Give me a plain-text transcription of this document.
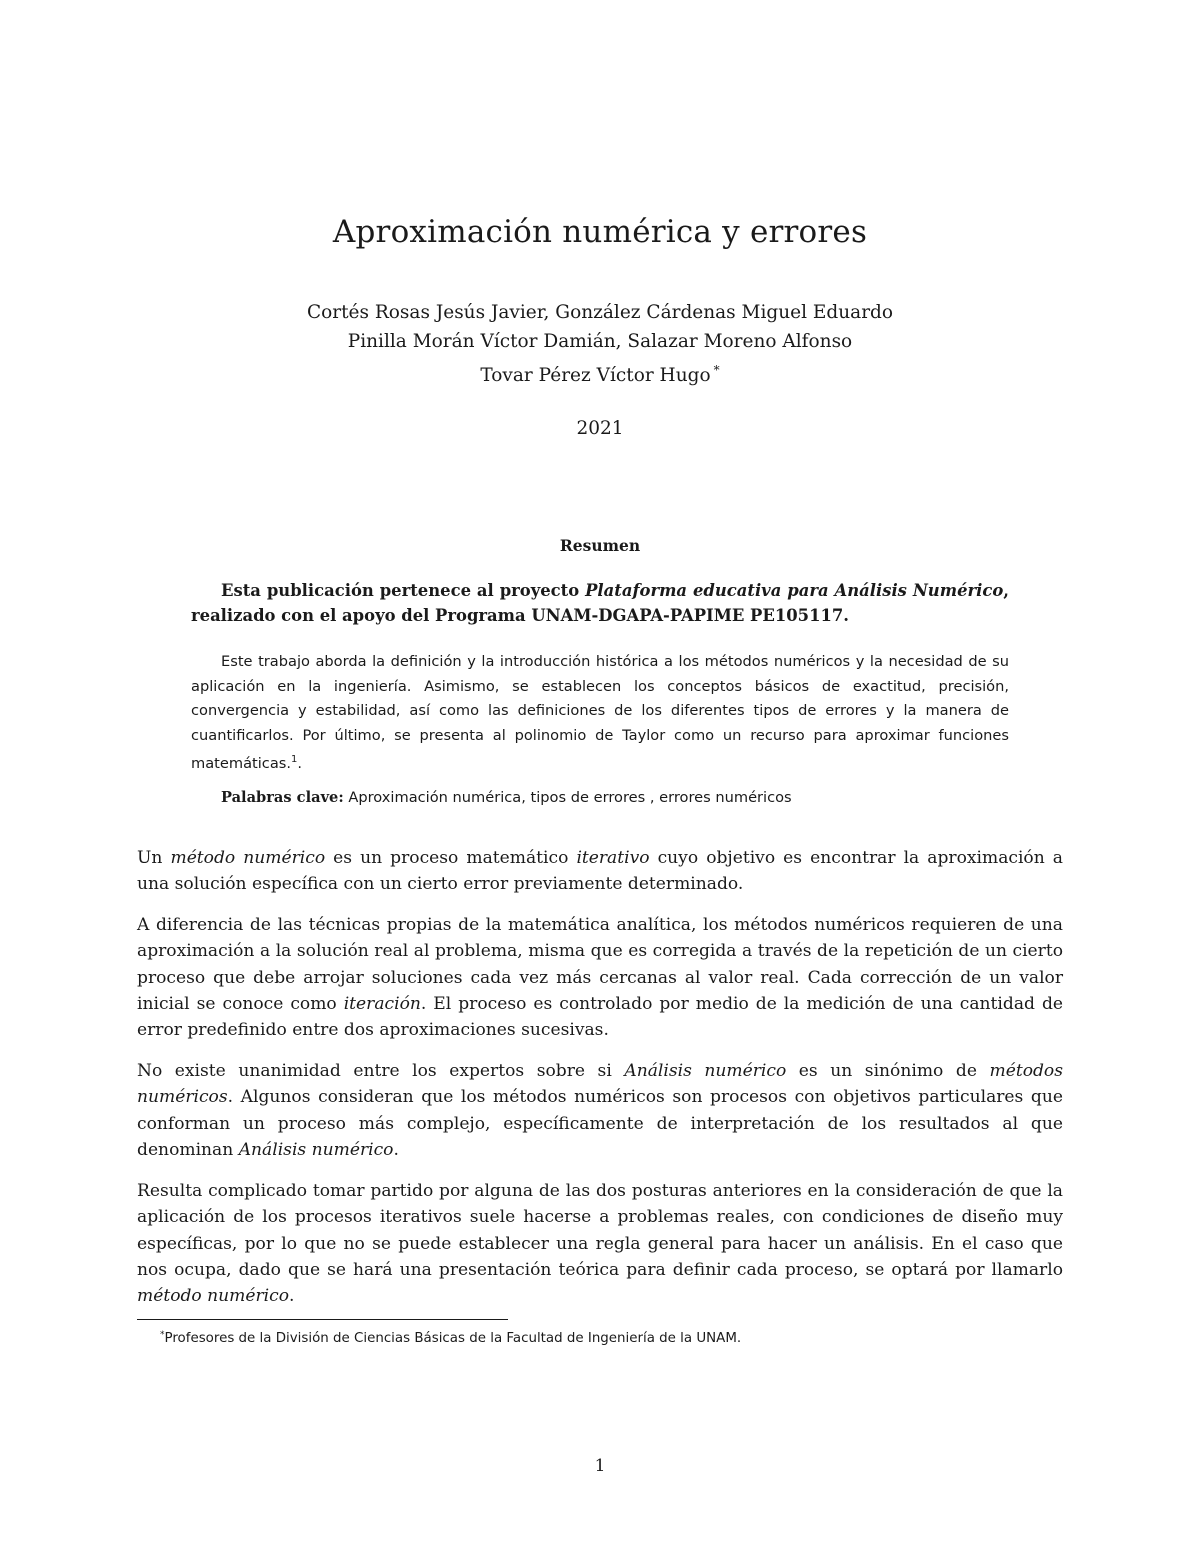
Aproximación numérica y errores
Cortés Rosas Jesús Javier, González Cárdenas Miguel Eduardo
Pinilla Morán Víctor Damián, Salazar Moreno Alfonso
Tovar Pérez Víctor Hugo *
2021
Resumen
Esta publicación pertenece al proyecto Plataforma educativa para Análisis Numérico, realizado con el apoyo del Programa UNAM-DGAPA-PAPIME PE105117.
Este trabajo aborda la definición y la introducción histórica a los métodos numéricos y la necesidad de su aplicación en la ingeniería. Asimismo, se establecen los conceptos básicos de exactitud, precisión, convergencia y estabilidad, así como las definiciones de los diferentes tipos de errores y la manera de cuantificarlos. Por último, se presenta al polinomio de Taylor como un recurso para aproximar funciones matemáticas.$^1$.
Palabras clave: Aproximación numérica, tipos de errores , errores numéricos

Un método numérico es un proceso matemático iterativo cuyo objetivo es encontrar la aproximación a una solución específica con un cierto error previamente determinado.

A diferencia de las técnicas propias de la matemática analítica, los métodos numéricos requieren de una aproximación a la solución real al problema, misma que es corregida a través de la repetición de un cierto proceso que debe arrojar soluciones cada vez más cercanas al valor real. Cada corrección de un valor inicial se conoce como iteración. El proceso es controlado por medio de la medición de una cantidad de error predefinido entre dos aproximaciones sucesivas.

No existe unanimidad entre los expertos sobre si Análisis numérico es un sinónimo de métodos numéricos. Algunos consideran que los métodos numéricos son procesos con objetivos particulares que conforman un proceso más complejo, específicamente de interpretación de los resultados al que denominan Análisis numérico.

Resulta complicado tomar partido por alguna de las dos posturas anteriores en la consideración de que la aplicación de los procesos iterativos suele hacerse a problemas reales, con condiciones de diseño muy específicas, por lo que no se puede establecer una regla general para hacer un análisis. En el caso que nos ocupa, dado que se hará una presentación teórica para definir cada proceso, se optará por llamarlo método numérico.

*Profesores de la División de Ciencias Básicas de la Facultad de Ingeniería de la UNAM.
1
